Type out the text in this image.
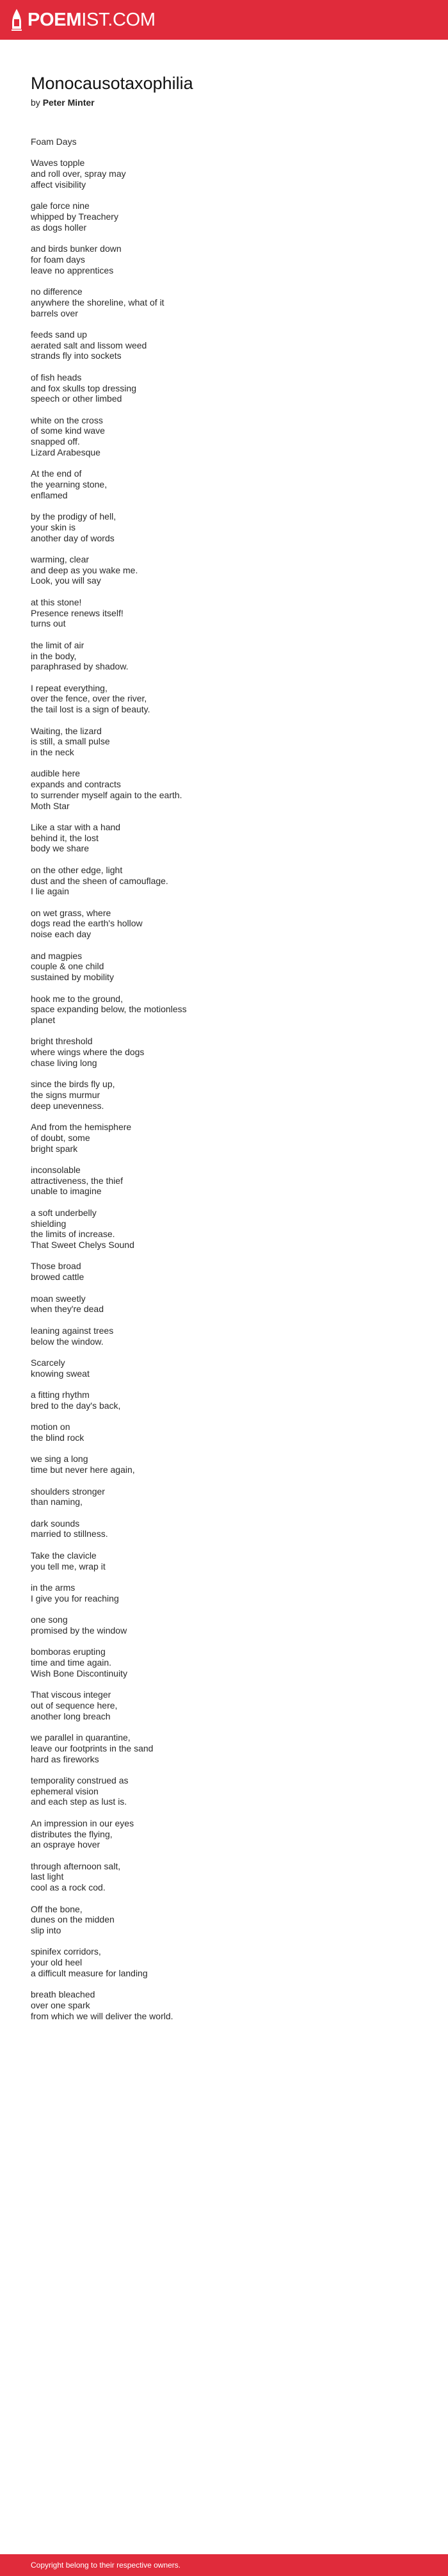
POEMIST.COM
Monocausotaxophilia

by Peter Minter

Foam Days

Waves topple
and roll over, spray may
affect visibility

gale force nine
whipped by Treachery
as dogs holler

and birds bunker down
for foam days
leave no apprentices

no difference
anywhere the shoreline, what of it
barrels over

feeds sand up
aerated salt and lissom weed
strands fly into sockets

of fish heads
and fox skulls top dressing
speech or other limbed

white on the cross
of some kind wave
snapped off.
Lizard Arabesque

At the end of
the yearning stone,
enflamed

by the prodigy of hell,
your skin is
another day of words

warming, clear
and deep as you wake me.
Look, you will say

at this stone!
Presence renews itself!
turns out

the limit of air
in the body,
paraphrased by shadow.

I repeat everything,
over the fence, over the river,
the tail lost is a sign of beauty.

Waiting, the lizard
is still, a small pulse
in the neck

audible here
expands and contracts
to surrender myself again to the earth.
Moth Star

Like a star with a hand
behind it, the lost
body we share

on the other edge, light
dust and the sheen of camouflage.
I lie again

on wet grass, where
dogs read the earth's hollow
noise each day

and magpies
couple & one child
sustained by mobility

hook me to the ground,
space expanding below, the motionless
planet

bright threshold
where wings where the dogs
chase living long

since the birds fly up,
the signs murmur
deep unevenness.

And from the hemisphere
of doubt, some
bright spark

inconsolable
attractiveness, the thief
unable to imagine

a soft underbelly
shielding
the limits of increase.
That Sweet Chelys Sound

Those broad
browed cattle

moan sweetly
when they're dead

leaning against trees
below the window.

Scarcely
knowing sweat

a fitting rhythm
bred to the day's back,

motion on
the blind rock

we sing a long
time but never here again,

shoulders stronger
than naming,

dark sounds
married to stillness.

Take the clavicle
you tell me, wrap it

in the arms
I give you for reaching

one song
promised by the window

bomboras erupting
time and time again.
Wish Bone Discontinuity

That viscous integer
out of sequence here,
another long breach

we parallel in quarantine,
leave our footprints in the sand
hard as fireworks

temporality construed as
ephemeral vision
and each step as lust is.

An impression in our eyes
distributes the flying,
an ospraye hover

through afternoon salt,
last light
cool as a rock cod.

Off the bone,
dunes on the midden
slip into

spinifex corridors,
your old heel
a difficult measure for landing

breath bleached
over one spark
from which we will deliver the world.

Copyright belong to their respective owners.
